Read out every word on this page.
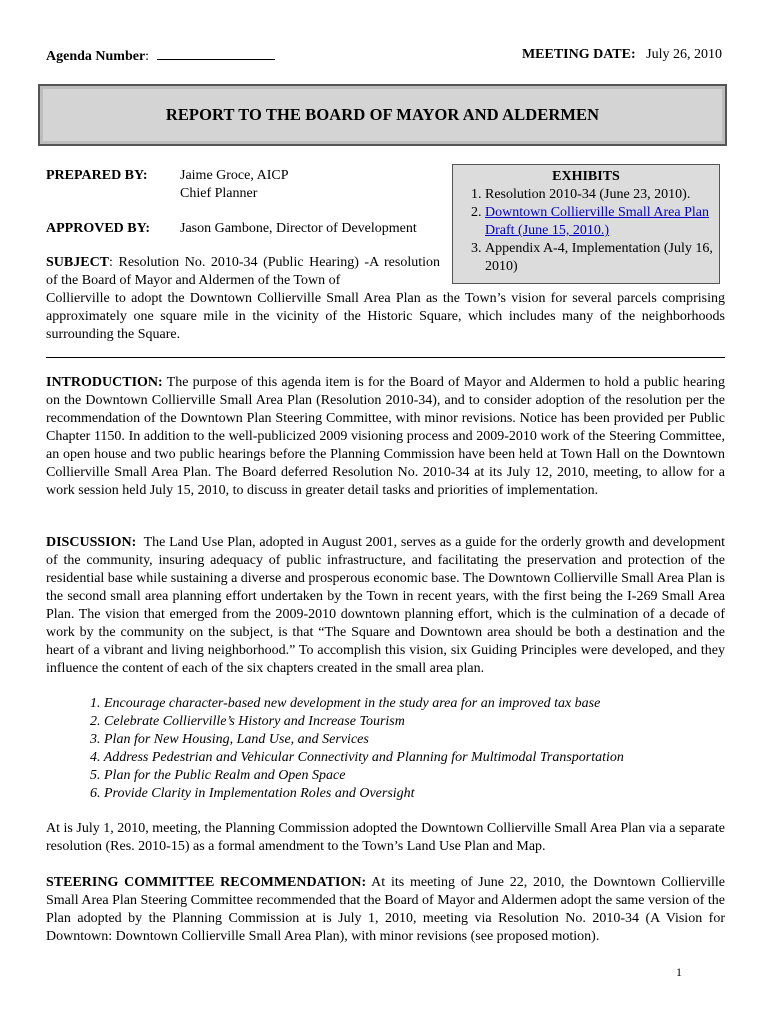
Agenda Number:	MEETING DATE: July 26, 2010
REPORT TO THE BOARD OF MAYOR AND ALDERMEN
PREPARED BY: Jaime Groce, AICP
Chief Planner
APPROVED BY: Jason Gambone, Director of Development
EXHIBITS
1. Resolution 2010-34 (June 23, 2010).
2. Downtown Collierville Small Area Plan Draft (June 15, 2010.)
3. Appendix A-4, Implementation (July 16, 2010)
SUBJECT: Resolution No. 2010-34 (Public Hearing) -A resolution of the Board of Mayor and Aldermen of the Town of
Collierville to adopt the Downtown Collierville Small Area Plan as the Town’s vision for several parcels comprising approximately one square mile in the vicinity of the Historic Square, which includes many of the neighborhoods surrounding the Square.
INTRODUCTION: The purpose of this agenda item is for the Board of Mayor and Aldermen to hold a public hearing on the Downtown Collierville Small Area Plan (Resolution 2010-34), and to consider adoption of the resolution per the recommendation of the Downtown Plan Steering Committee, with minor revisions. Notice has been provided per Public Chapter 1150. In addition to the well-publicized 2009 visioning process and 2009-2010 work of the Steering Committee, an open house and two public hearings before the Planning Commission have been held at Town Hall on the Downtown Collierville Small Area Plan. The Board deferred Resolution No. 2010-34 at its July 12, 2010, meeting, to allow for a work session held July 15, 2010, to discuss in greater detail tasks and priorities of implementation.
DISCUSSION: The Land Use Plan, adopted in August 2001, serves as a guide for the orderly growth and development of the community, insuring adequacy of public infrastructure, and facilitating the preservation and protection of the residential base while sustaining a diverse and prosperous economic base. The Downtown Collierville Small Area Plan is the second small area planning effort undertaken by the Town in recent years, with the first being the I-269 Small Area Plan. The vision that emerged from the 2009-2010 downtown planning effort, which is the culmination of a decade of work by the community on the subject, is that “The Square and Downtown area should be both a destination and the heart of a vibrant and living neighborhood.” To accomplish this vision, six Guiding Principles were developed, and they influence the content of each of the six chapters created in the small area plan.
1. Encourage character-based new development in the study area for an improved tax base
2. Celebrate Collierville’s History and Increase Tourism
3. Plan for New Housing, Land Use, and Services
4. Address Pedestrian and Vehicular Connectivity and Planning for Multimodal Transportation
5. Plan for the Public Realm and Open Space
6. Provide Clarity in Implementation Roles and Oversight
At is July 1, 2010, meeting, the Planning Commission adopted the Downtown Collierville Small Area Plan via a separate resolution (Res. 2010-15) as a formal amendment to the Town’s Land Use Plan and Map.
STEERING COMMITTEE RECOMMENDATION: At its meeting of June 22, 2010, the Downtown Collierville Small Area Plan Steering Committee recommended that the Board of Mayor and Aldermen adopt the same version of the Plan adopted by the Planning Commission at is July 1, 2010, meeting via Resolution No. 2010-34 (A Vision for Downtown: Downtown Collierville Small Area Plan), with minor revisions (see proposed motion).
1
